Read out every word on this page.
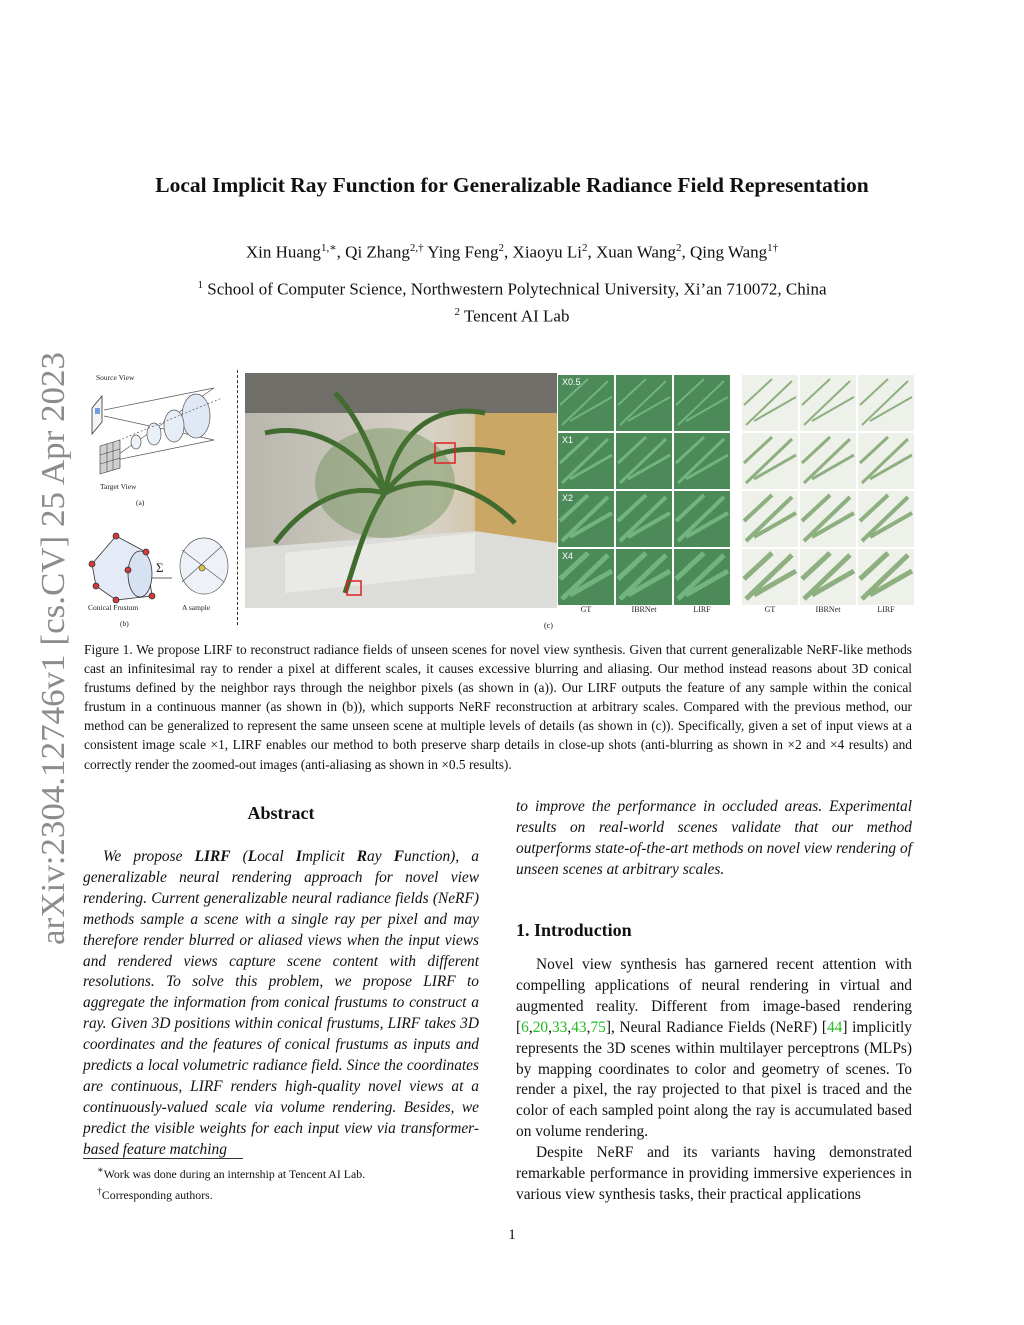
arXiv:2304.12746v1 [cs.CV] 25 Apr 2023
Local Implicit Ray Function for Generalizable Radiance Field Representation
Xin Huang$^{1,∗}$, Qi Zhang$^{2,\dagger}$ Ying Feng$^2$, Xiaoyu Li$^2$, Xuan Wang$^2$, Qing Wang$^{1\dagger}$
$^1$ School of Computer Science, Northwestern Polytechnical University, Xi’an 710072, China
$^2$ Tencent AI Lab
Source View
Target View
(a)
Σ
Conical Frustum	A sample
(b)
X0.5
X1
X2
X4
GT	IBRNet	LIRF	GT	IBRNet	LIRF
(c)
Figure 1. We propose LIRF to reconstruct radiance fields of unseen scenes for novel view synthesis. Given that current generalizable NeRF-like methods cast an infinitesimal ray to render a pixel at different scales, it causes excessive blurring and aliasing. Our method instead reasons about 3D conical frustums defined by the neighbor rays through the neighbor pixels (as shown in (a)). Our LIRF outputs the feature of any sample within the conical frustum in a continuous manner (as shown in (b)), which supports NeRF reconstruction at arbitrary scales. Compared with the previous method, our method can be generalized to represent the same unseen scene at multiple levels of details (as shown in (c)). Specifically, given a set of input views at a consistent image scale ×1, LIRF enables our method to both preserve sharp details in close-up shots (anti-blurring as shown in ×2 and ×4 results) and correctly render the zoomed-out images (anti-aliasing as shown in ×0.5 results).
Abstract

We propose LIRF (Local Implicit Ray Function), a generalizable neural rendering approach for novel view rendering. Current generalizable neural radiance fields (NeRF) methods sample a scene with a single ray per pixel and may therefore render blurred or aliased views when the input views and rendered views capture scene content with different resolutions. To solve this problem, we propose LIRF to aggregate the information from conical frustums to construct a ray. Given 3D positions within conical frustums, LIRF takes 3D coordinates and the features of conical frustums as inputs and predicts a local volumetric radiance field. Since the coordinates are continuous, LIRF renders high-quality novel views at a continuously-valued scale via volume rendering. Besides, we predict the visible weights for each input view via transformer-based feature matching

to improve the performance in occluded areas. Experimental results on real-world scenes validate that our method outperforms state-of-the-art methods on novel view rendering of unseen scenes at arbitrary scales.
1. Introduction

Novel view synthesis has garnered recent attention with compelling applications of neural rendering in virtual and augmented reality. Different from image-based rendering [6,20,33,43,75], Neural Radiance Fields (NeRF) [44] implicitly represents the 3D scenes within multilayer perceptrons (MLPs) by mapping coordinates to color and geometry of scenes. To render a pixel, the ray projected to that pixel is traced and the color of each sampled point along the ray is accumulated based on volume rendering.

Despite NeRF and its variants having demonstrated remarkable performance in providing immersive experiences in various view synthesis tasks, their practical applications

∗Work was done during an internship at Tencent AI Lab.
†Corresponding authors.
1
